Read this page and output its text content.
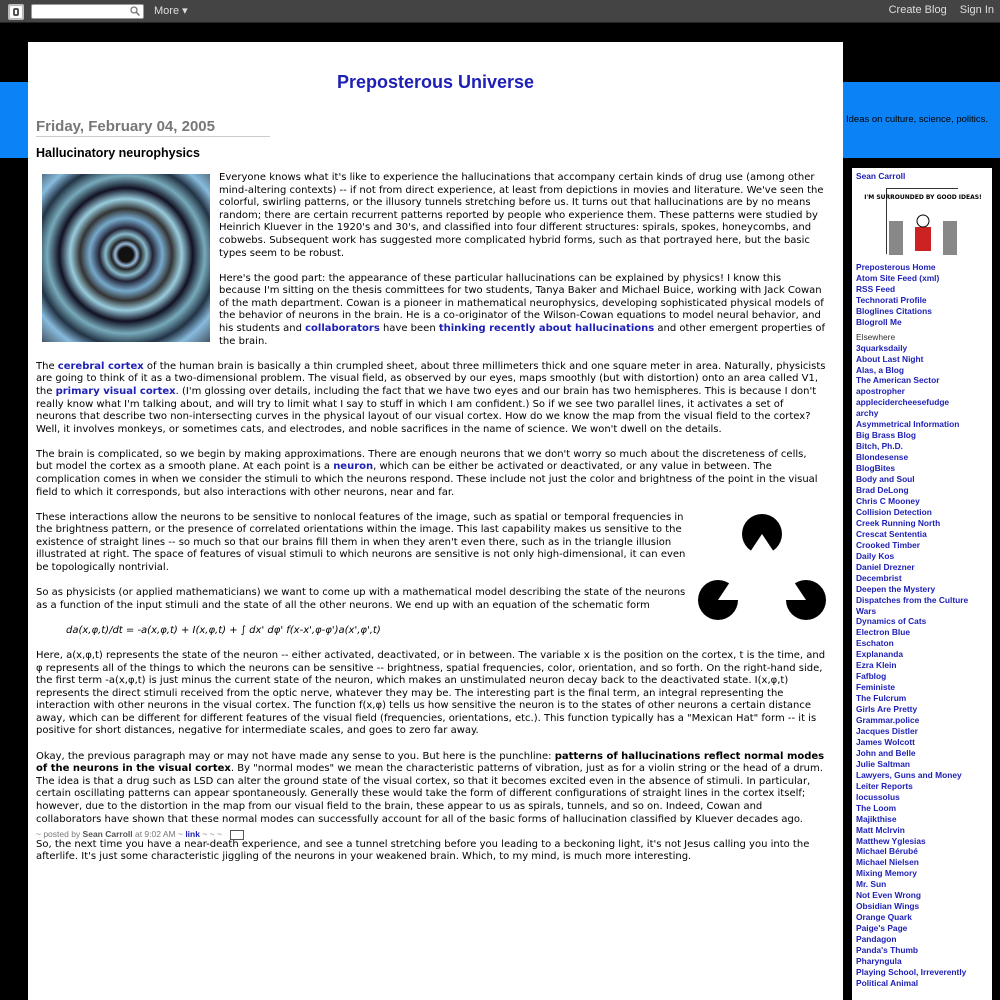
More ▾	Create Blog Sign In
Ideas on culture, science, politics.
Preposterous Universe
Friday, February 04, 2005
Hallucinatory neurophysics

Everyone knows what it's like to experience the hallucinations that accompany certain kinds of drug use (among other mind-altering contexts) -- if not from direct experience, at least from depictions in movies and literature. We've seen the colorful, swirling patterns, or the illusory tunnels stretching before us. It turns out that hallucinations are by no means random; there are certain recurrent patterns reported by people who experience them. These patterns were studied by Heinrich Kluever in the 1920's and 30's, and classified into four different structures: spirals, spokes, honeycombs, and cobwebs. Subsequent work has suggested more complicated hybrid forms, such as that portrayed here, but the basic types seem to be robust.

Here's the good part: the appearance of these particular hallucinations can be explained by physics! I know this because I'm sitting on the thesis committees for two students, Tanya Baker and Michael Buice, working with Jack Cowan of the math department. Cowan is a pioneer in mathematical neurophysics, developing sophisticated physical models of the behavior of neurons in the brain. He is a co-originator of the Wilson-Cowan equations to model neural behavior, and his students and collaborators have been thinking recently about hallucinations and other emergent properties of the brain.

The cerebral cortex of the human brain is basically a thin crumpled sheet, about three millimeters thick and one square meter in area. Naturally, physicists are going to think of it as a two-dimensional problem. The visual field, as observed by our eyes, maps smoothly (but with distortion) onto an area called V1, the primary visual cortex. (I'm glossing over details, including the fact that we have two eyes and our brain has two hemispheres. This is because I don't really know what I'm talking about, and will try to limit what I say to stuff in which I am confident.) So if we see two parallel lines, it activates a set of neurons that describe two non-intersecting curves in the physical layout of our visual cortex. How do we know the map from the visual field to the cortex? Well, it involves monkeys, or sometimes cats, and electrodes, and noble sacrifices in the name of science. We won't dwell on the details.

The brain is complicated, so we begin by making approximations. There are enough neurons that we don't worry so much about the discreteness of cells, but model the cortex as a smooth plane. At each point is a neuron, which can be either be activated or deactivated, or any value in between. The complication comes in when we consider the stimuli to which the neurons respond. These include not just the color and brightness of the point in the visual field to which it corresponds, but also interactions with other neurons, near and far.

These interactions allow the neurons to be sensitive to nonlocal features of the image, such as spatial or temporal frequencies in the brightness pattern, or the presence of correlated orientations within the image. This last capability makes us sensitive to the existence of straight lines -- so much so that our brains fill them in when they aren't even there, such as in the triangle illusion illustrated at right. The space of features of visual stimuli to which neurons are sensitive is not only high-dimensional, it can even be topologically nontrivial.

So as physicists (or applied mathematicians) we want to come up with a mathematical model describing the state of the neurons as a function of the input stimuli and the state of all the other neurons. We end up with an equation of the schematic form

da(x,φ,t)/dt = -a(x,φ,t) + I(x,φ,t) + ∫ dx' dφ' f(x-x',φ-φ')a(x',φ',t)

Here, a(x,φ,t) represents the state of the neuron -- either activated, deactivated, or in between. The variable x is the position on the cortex, t is the time, and φ represents all of the things to which the neurons can be sensitive -- brightness, spatial frequencies, color, orientation, and so forth. On the right-hand side, the first term -a(x,φ,t) is just minus the current state of the neuron, which makes an unstimulated neuron decay back to the deactivated state. I(x,φ,t) represents the direct stimuli received from the optic nerve, whatever they may be. The interesting part is the final term, an integral representing the interaction with other neurons in the visual cortex. The function f(x,φ) tells us how sensitive the neuron is to the states of other neurons a certain distance away, which can be different for different features of the visual field (frequencies, orientations, etc.). This function typically has a "Mexican Hat" form -- it is positive for short distances, negative for intermediate scales, and goes to zero far away.

Okay, the previous paragraph may or may not have made any sense to you. But here is the punchline: patterns of hallucinations reflect normal modes of the neurons in the visual cortex. By "normal modes" we mean the characteristic patterns of vibration, just as for a violin string or the head of a drum. The idea is that a drug such as LSD can alter the ground state of the visual cortex, so that it becomes excited even in the absence of stimuli. In particular, certain oscillating patterns can appear spontaneously. Generally these would take the form of different configurations of straight lines in the cortex itself; however, due to the distortion in the map from our visual field to the brain, these appear to us as spirals, tunnels, and so on. Indeed, Cowan and collaborators have shown that these normal modes can successfully account for all of the basic forms of hallucination classified by Kluever decades ago.

So, the next time you have a near-death experience, and see a tunnel stretching before you leading to a beckoning light, it's not Jesus calling you into the afterlife. It's just some characteristic jiggling of the neurons in your weakened brain. Which, to my mind, is much more interesting.

~ posted by Sean Carroll at 9:02 AM ~ link ~ ~ ~
Sean Carroll
I'M SURROUNDED BY GOOD IDEAS!
Preposterous Home
Atom Site Feed (xml)
RSS Feed
Technorati Profile
Bloglines Citations
Blogroll Me
Elsewhere
3quarksdaily
About Last Night
Alas, a Blog
The American Sector
apostropher
applecidercheesefudge
archy
Asymmetrical Information
Big Brass Blog
Bitch, Ph.D.
Blondesense
BlogBites
Body and Soul
Brad DeLong
Chris C Mooney
Collision Detection
Creek Running North
Crescat Sententia
Crooked Timber
Daily Kos
Daniel Drezner
Decembrist
Deepen the Mystery
Dispatches from the Culture Wars
Dynamics of Cats
Electron Blue
Eschaton
Explananda
Ezra Klein
Fafblog
Feministe
The Fulcrum
Girls Are Pretty
Grammar.police
Jacques Distler
James Wolcott
John and Belle
Julie Saltman
Lawyers, Guns and Money
Leiter Reports
locussolus
The Loom
Majikthise
Matt McIrvin
Matthew Yglesias
Michael Bérubé
Michael Nielsen
Mixing Memory
Mr. Sun
Not Even Wrong
Obsidian Wings
Orange Quark
Paige's Page
Pandagon
Panda's Thumb
Pharyngula
Playing School, Irreverently
Political Animal
